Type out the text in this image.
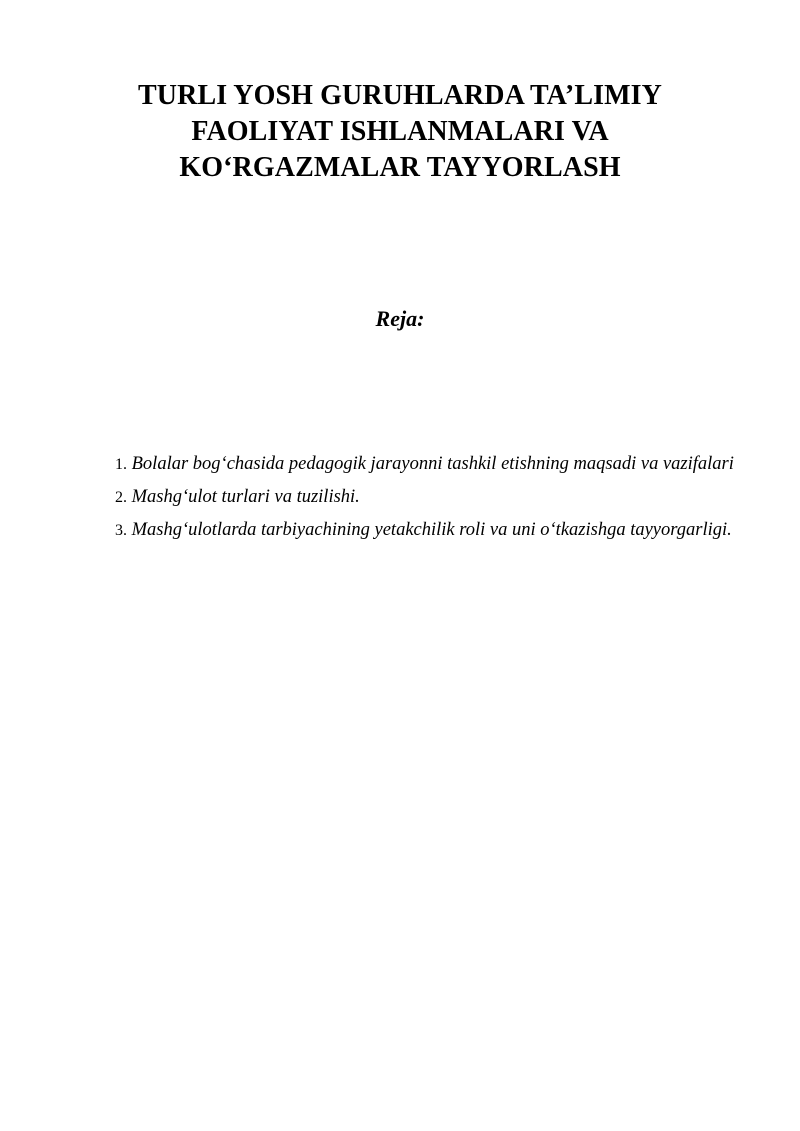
TURLI YOSH GURUHLARDA TA’LIMIY
FAOLIYAT ISHLANMALARI VA
KO‘RGAZMALAR TAYYORLASH
Reja:
1. Bolalar bog‘chasida pedagogik jarayonni tashkil etishning maqsadi va vazifalari
2. Mashg‘ulot turlari va tuzilishi.
3. Mashg‘ulotlarda tarbiyachining yetakchilik roli va uni o‘tkazishga tayyorgarligi.
